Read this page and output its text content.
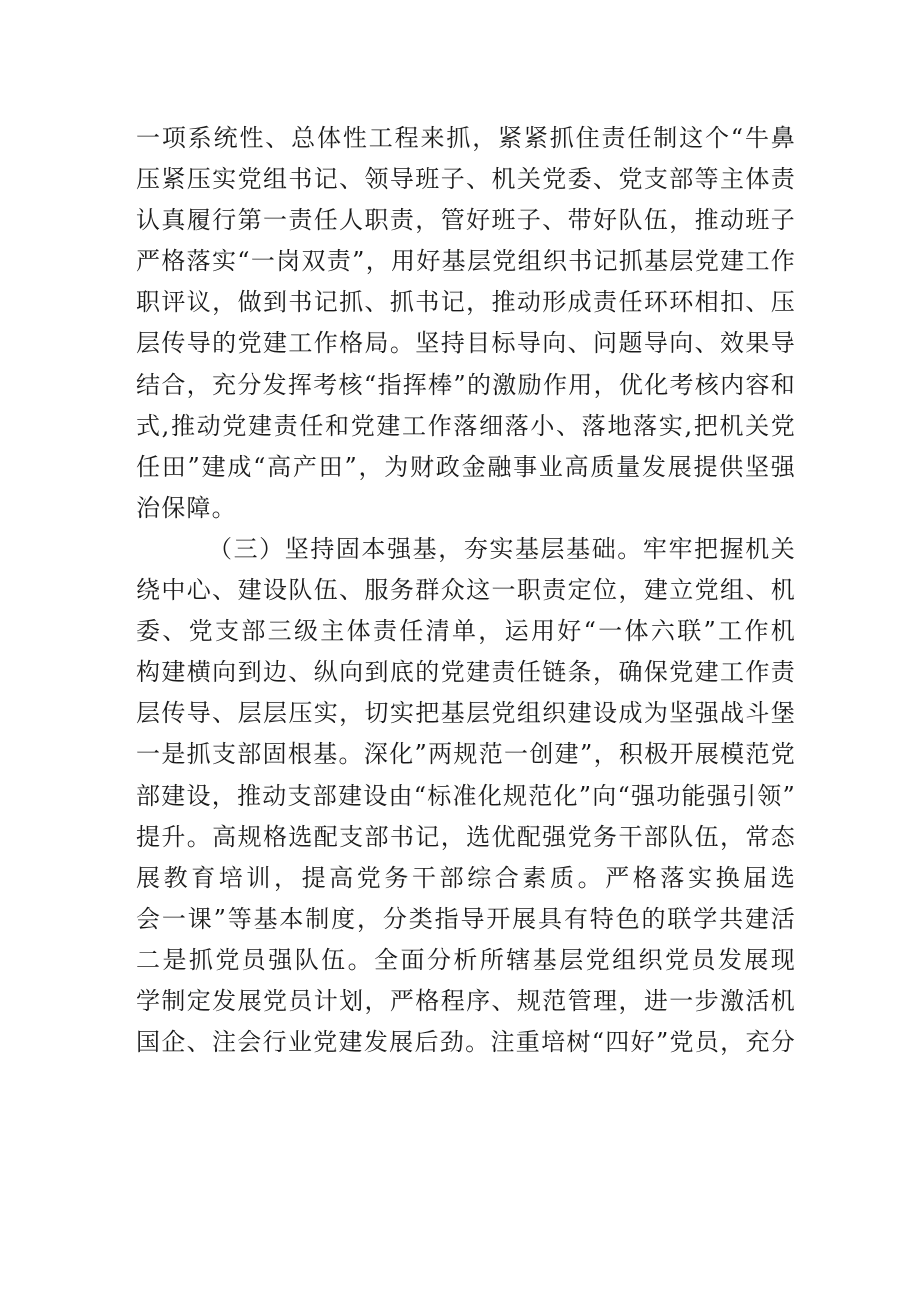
一项系统性、总体性工程来抓，紧紧抓住责任制这个“牛鼻
压紧压实党组书记、领导班子、机关党委、党支部等主体责
认真履行第一责任人职责，管好班子、带好队伍，推动班子
严格落实“一岗双责”，用好基层党组织书记抓基层党建工作
职评议，做到书记抓、抓书记，推动形成责任环环相扣、压
层传导的党建工作格局。坚持目标导向、问题导向、效果导
结合，充分发挥考核“指挥棒”的激励作用，优化考核内容和
式,推动党建责任和党建工作落细落小、落地落实,把机关党
任田”建成“高产田”，为财政金融事业高质量发展提供坚强
治保障。
（三）坚持固本强基，夯实基层基础。牢牢把握机关
绕中心、建设队伍、服务群众这一职责定位，建立党组、机
委、党支部三级主体责任清单，运用好“一体六联”工作机
构建横向到边、纵向到底的党建责任链条，确保党建工作责
层传导、层层压实，切实把基层党组织建设成为坚强战斗堡
一是抓支部固根基。深化”两规范一创建”，积极开展模范党
部建设，推动支部建设由“标准化规范化”向“强功能强引领”
提升。高规格选配支部书记，选优配强党务干部队伍，常态
展教育培训，提高党务干部综合素质。严格落实换届选
会一课”等基本制度，分类指导开展具有特色的联学共建活
二是抓党员强队伍。全面分析所辖基层党组织党员发展现
学制定发展党员计划，严格程序、规范管理，进一步激活机
国企、注会行业党建发展后劲。注重培树“四好”党员，充分
